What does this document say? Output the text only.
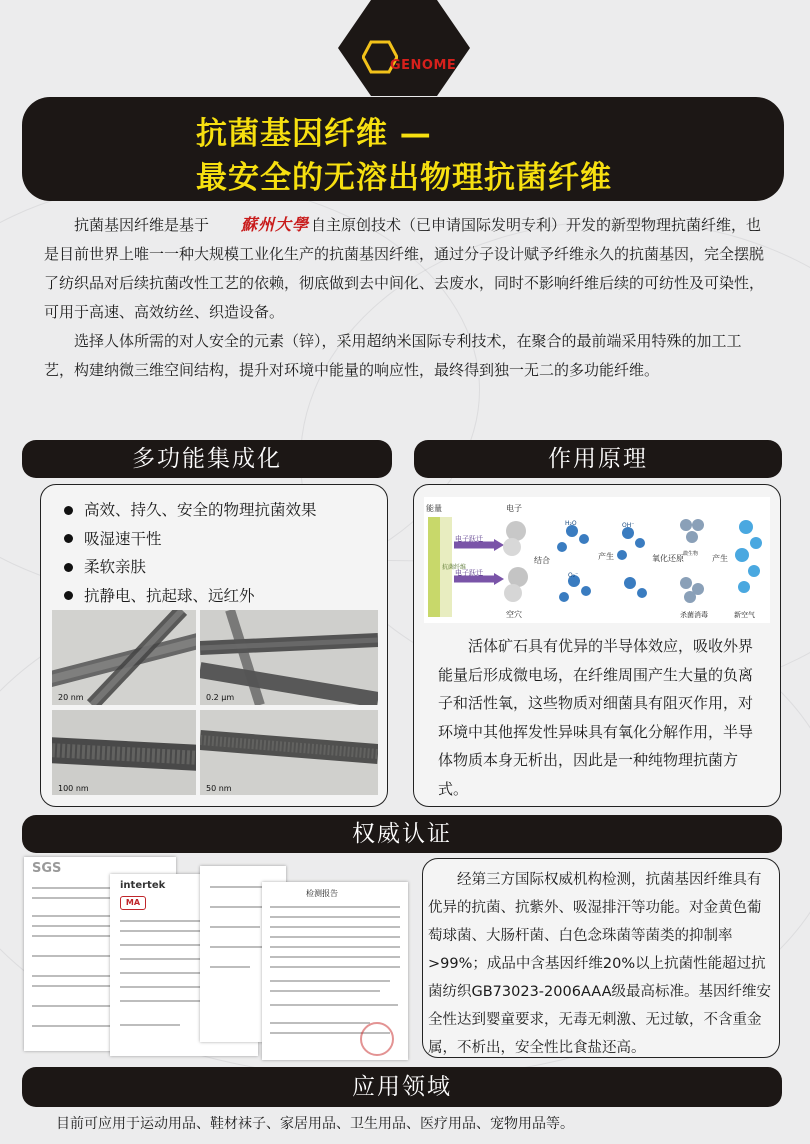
GENOME
抗菌基因纤维 —
最安全的无溶出物理抗菌纤维

抗菌基因纤维是基于 蘇州大學 自主原创技术（已申请国际发明专利）开发的新型物理抗菌纤维，也是目前世界上唯一一种大规模工业化生产的抗菌基因纤维，通过分子设计赋予纤维永久的抗菌基因，完全摆脱了纺织品对后续抗菌改性工艺的依赖，彻底做到去中间化、去废水，同时不影响纤维后续的可纺性及可染性，可用于高速、高效纺丝、织造设备。

选择人体所需的对人安全的元素（锌），采用超纳米国际专利技术，在聚合的最前端采用特殊的加工工艺，构建纳微三维空间结构，提升对环境中能量的响应性，最终得到独一无二的多功能纤维。

多功能集成化
高效、持久、安全的物理抗菌效果
吸湿速干性
柔软亲肤
抗静电、抗起球、远红外
20 nm	0.2 μm
100 nm	50 nm
作用原理
能量
抗菌纤维
电子跃迁
电子跃迁
电子
空穴
结合
H₂O
O₂⁻
OH⁻
产生	氧化还原 微生物
杀菌消毒
产生
新空气

活体矿石具有优异的半导体效应，吸收外界能量后形成微电场，在纤维周围产生大量的负离子和活性氧，这些物质对细菌具有阻灭作用，对环境中其他挥发性异味具有氧化分解作用，半导体物质本身无析出，因此是一种纯物理抗菌方式。

权威认证
SGS
intertek
MA
检测报告

经第三方国际权威机构检测，抗菌基因纤维具有优异的抗菌、抗紫外、吸湿排汗等功能。对金黄色葡萄球菌、大肠杆菌、白色念珠菌等菌类的抑制率>99%；成品中含基因纤维20%以上抗菌性能超过抗菌纺织GB73023-2006AAA级最高标准。基因纤维安全性达到婴童要求，无毒无刺激、无过敏，不含重金属，不析出，安全性比食盐还高。

应用领域
目前可应用于运动用品、鞋材袜子、家居用品、卫生用品、医疗用品、宠物用品等。
